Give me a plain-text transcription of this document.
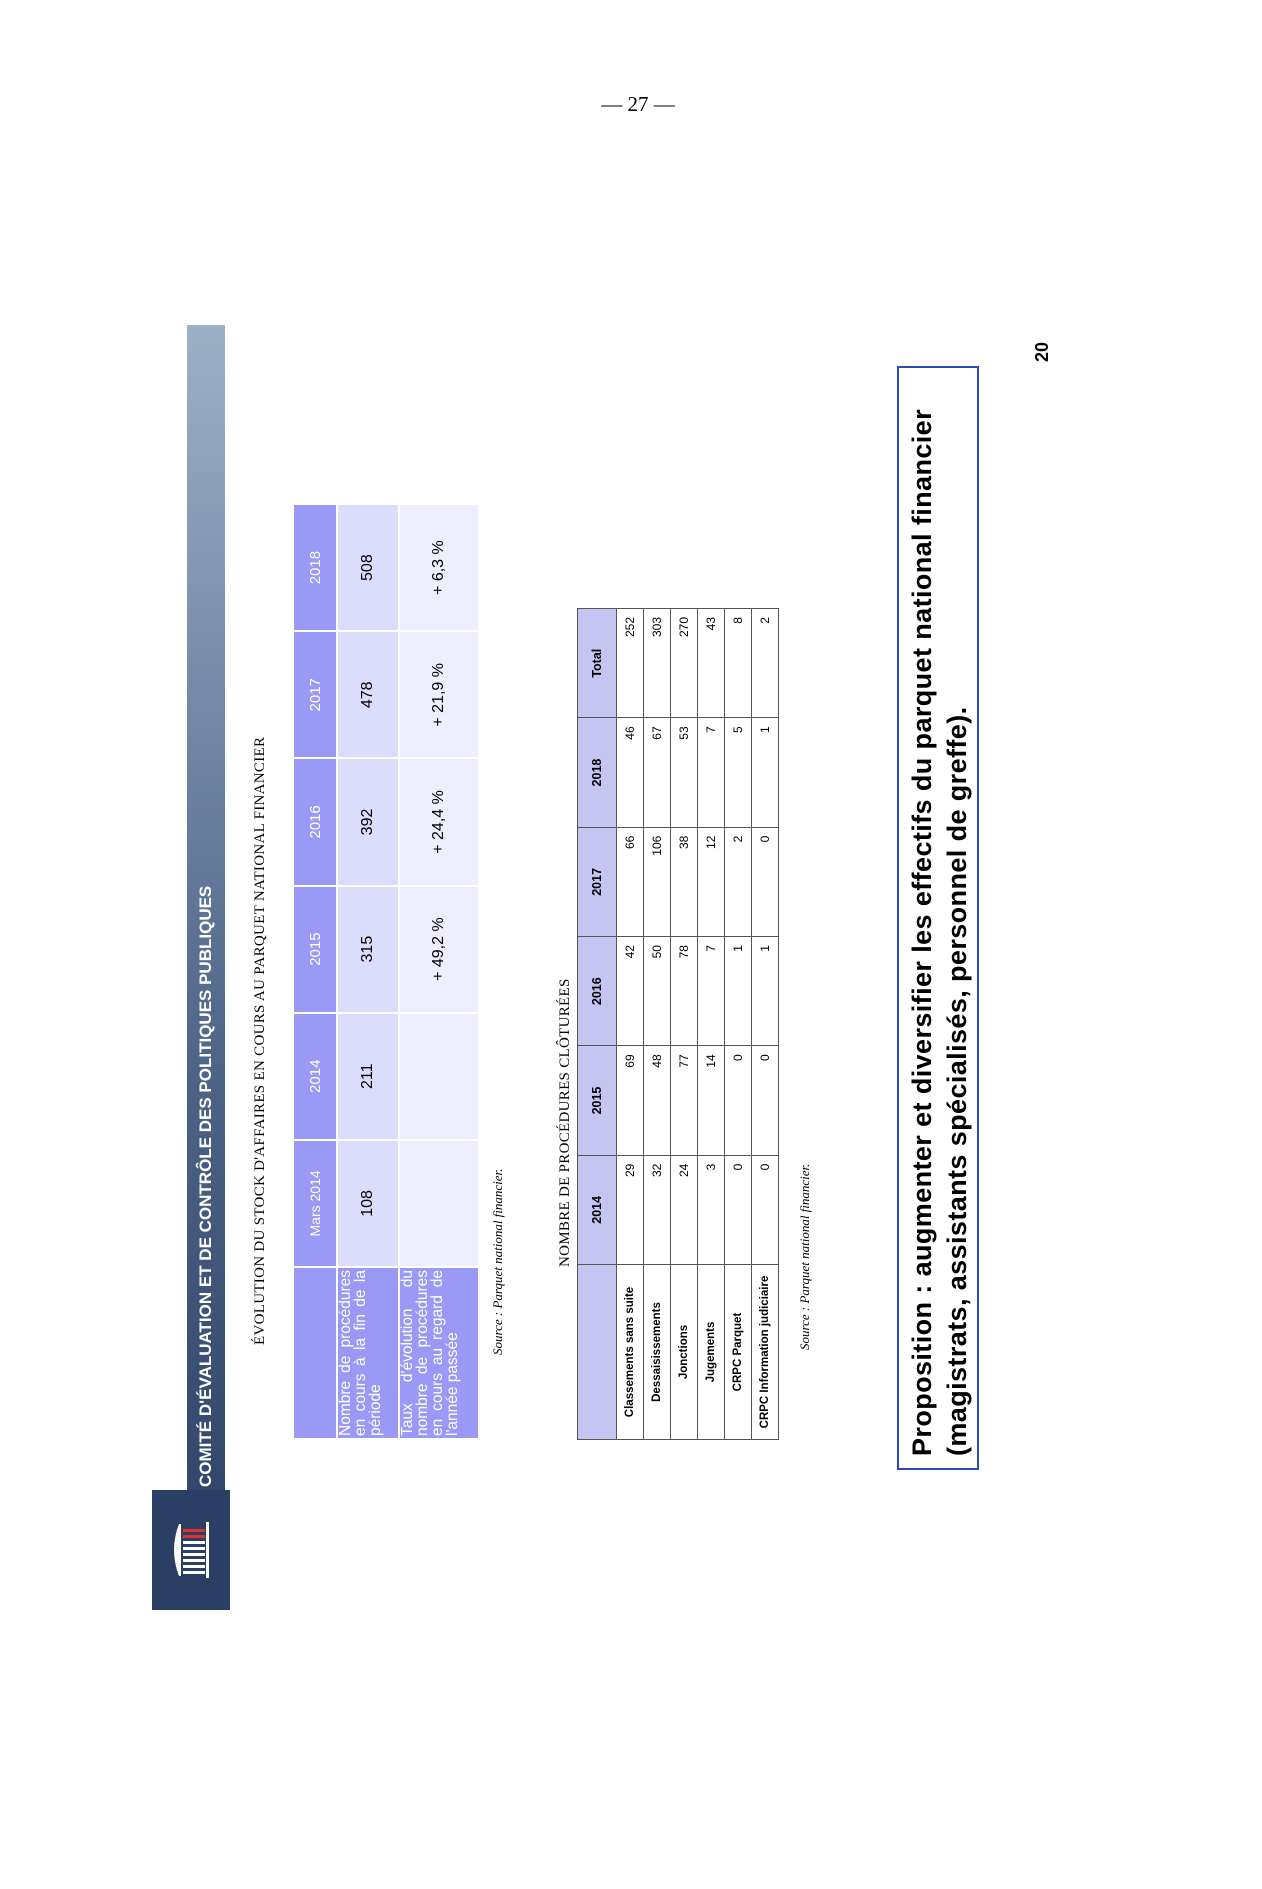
— 27 —
COMITÉ D'ÉVALUATION ET DE CONTRÔLE DES POLITIQUES PUBLIQUES	ÉVOLUTION DU STOCK D'AFFAIRES EN COURS AU PARQUET NATIONAL FINANCIER
		Mars 2014	2014	2015	2016	2017	2018
Nombre de procédures en cours à la fin de la période	108	211	315	392	478	508
Taux d'évolution du nombre de procédures en cours au regard de l'année passée			+ 49,2 %	+ 24,4 %	+ 21,9 %	+ 6,3 %
Source : Parquet national financier.	NOMBRE DE PROCÉDURES CLÔTURÉES
	2014	2015	2016	2017	2018	Total
Classements sans suite	29	69	42	66	46	252
Dessaisissements	32	48	50	106	67	303
Jonctions	24	77	78	38	53	270
Jugements	3	14	7	12	7	43
CRPC Parquet	0	0	1	2	5	8
CRPC Information judiciaire	0	0	1	0	1	2
Source : Parquet national financier.	Proposition : augmenter et diversifier les effectifs du parquet national financier (magistrats, assistants spécialisés, personnel de greffe).
20
